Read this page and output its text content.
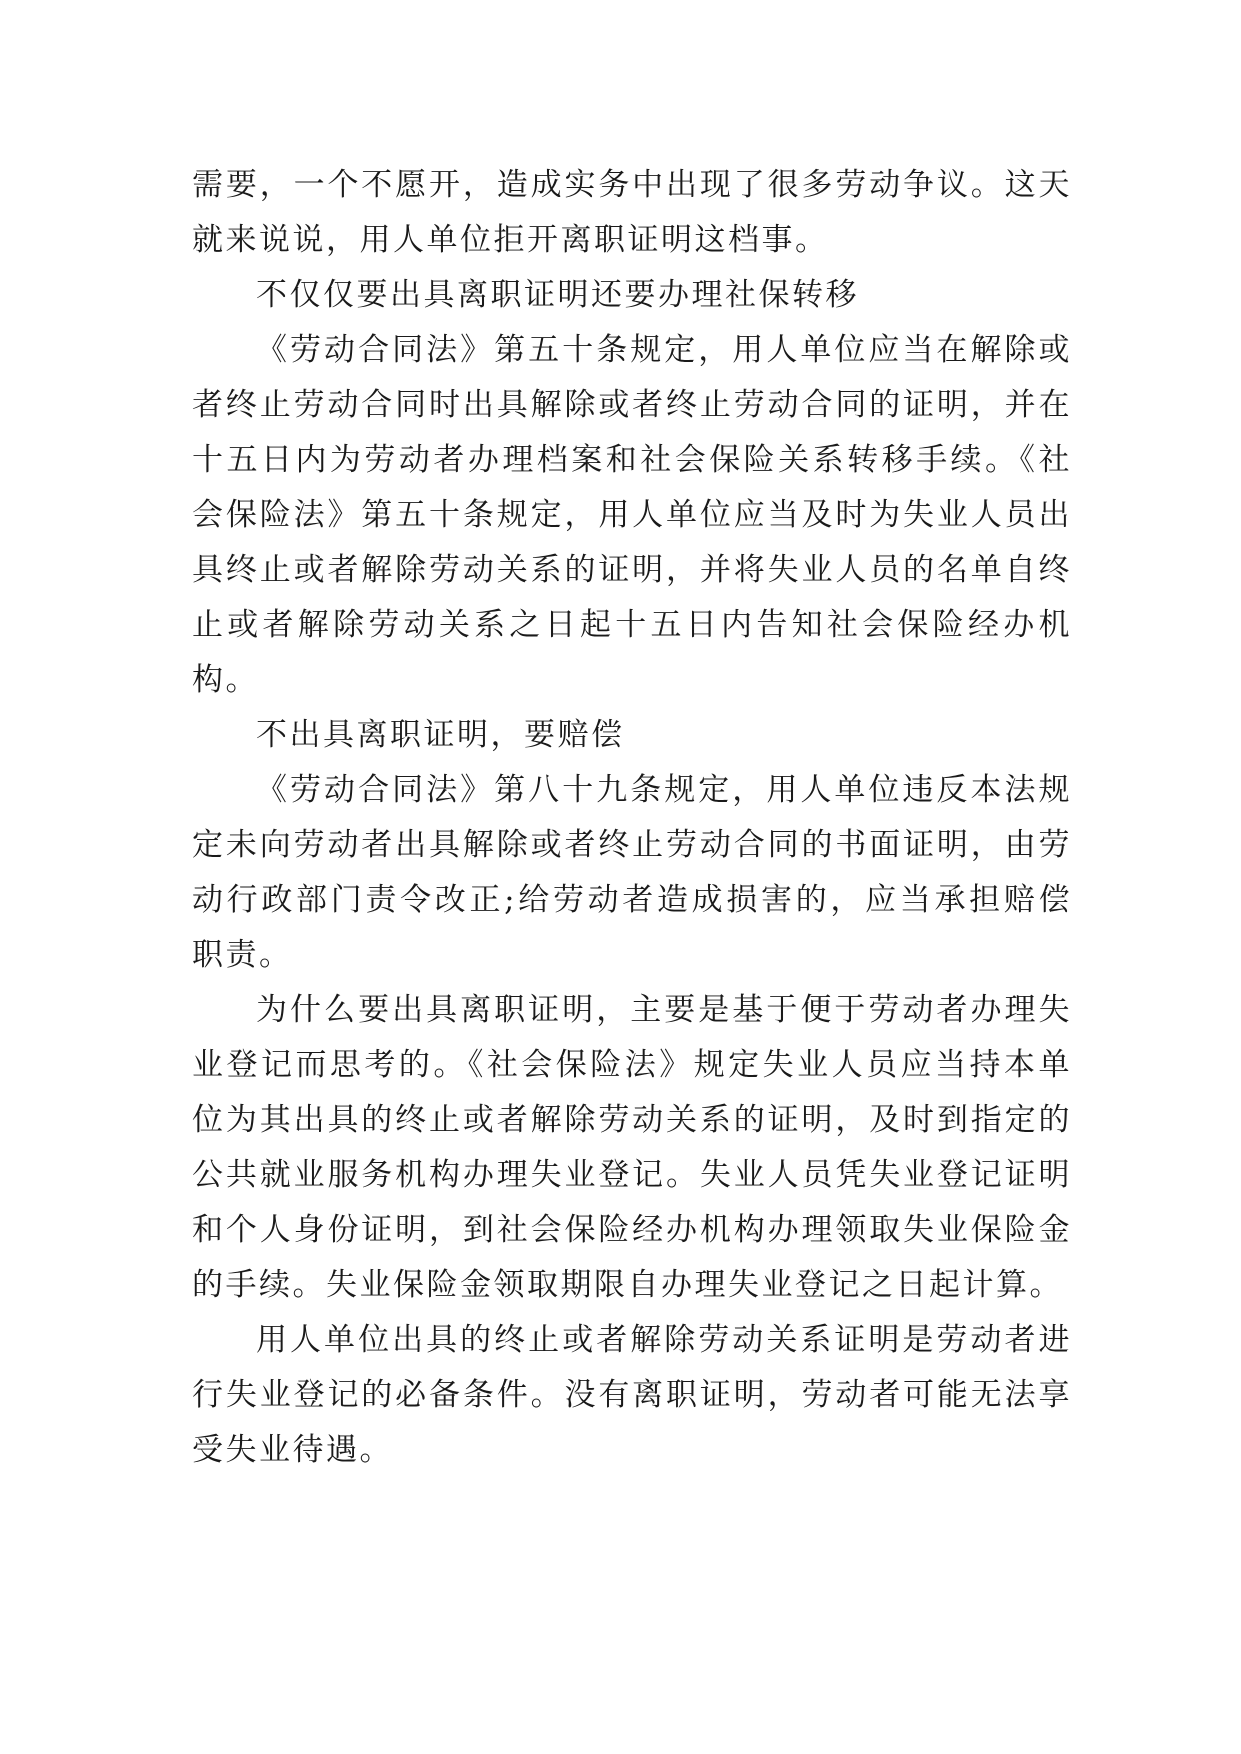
需要，一个不愿开，造成实务中出现了很多劳动争议。这天就来说说，用人单位拒开离职证明这档事。

不仅仅要出具离职证明还要办理社保转移

《劳动合同法》第五十条规定，用人单位应当在解除或者终止劳动合同时出具解除或者终止劳动合同的证明，并在十五日内为劳动者办理档案和社会保险关系转移手续。《社会保险法》第五十条规定，用人单位应当及时为失业人员出具终止或者解除劳动关系的证明，并将失业人员的名单自终止或者解除劳动关系之日起十五日内告知社会保险经办机构。

不出具离职证明，要赔偿

《劳动合同法》第八十九条规定，用人单位违反本法规定未向劳动者出具解除或者终止劳动合同的书面证明，由劳动行政部门责令改正;给劳动者造成损害的，应当承担赔偿职责。

为什么要出具离职证明，主要是基于便于劳动者办理失业登记而思考的。《社会保险法》规定失业人员应当持本单位为其出具的终止或者解除劳动关系的证明，及时到指定的公共就业服务机构办理失业登记。失业人员凭失业登记证明和个人身份证明，到社会保险经办机构办理领取失业保险金的手续。失业保险金领取期限自办理失业登记之日起计算。

用人单位出具的终止或者解除劳动关系证明是劳动者进行失业登记的必备条件。没有离职证明，劳动者可能无法享受失业待遇。
